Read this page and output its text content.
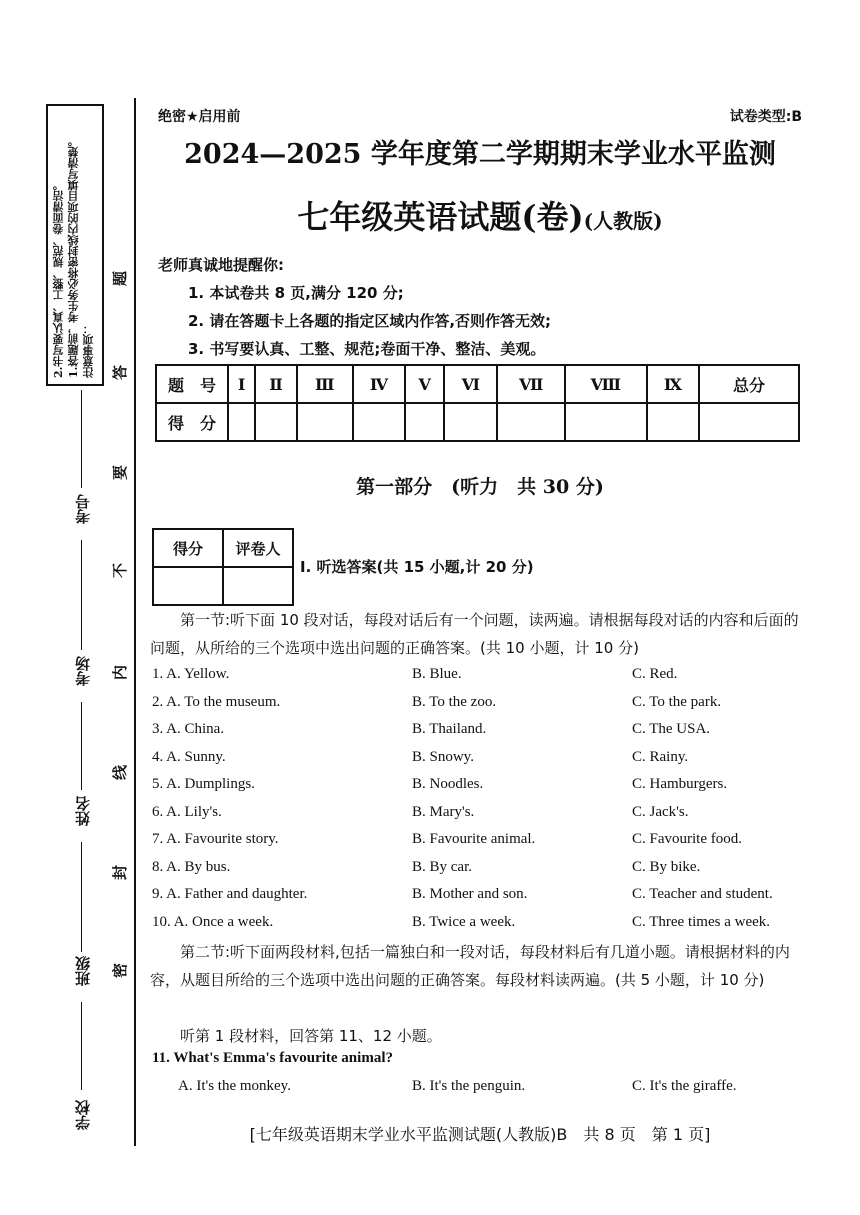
注意事项：
1.答题前，考生务必将密封线内的项目填写清楚。
2.书写要认真、工整、规范、卷面清洁。
考号
考场
姓名
班级
学校
题
答
要
不
内
线
封
密
绝密★启用前	试卷类型:B
2024—2025 学年度第二学期期末学业水平监测
七年级英语试题(卷)(人教版)
老师真诚地提醒你:
1. 本试卷共 8 页,满分 120 分;
2. 请在答题卡上各题的指定区域内作答,否则作答无效;
3. 书写要认真、工整、规范;卷面干净、整洁、美观。
题　号	Ⅰ	Ⅱ	Ⅲ	Ⅳ	Ⅴ	Ⅵ	Ⅶ	Ⅷ	Ⅸ	总分
得　分										
第一部分　(听力　共 30 分)
得分	评卷人

Ⅰ. 听选答案(共 15 小题,计 20 分)
第一节:听下面 10 段对话，每段对话后有一个问题，读两遍。请根据每段对话的内容和后面的问题，从所给的三个选项中选出问题的正确答案。(共 10 小题，计 10 分)
1. A. Yellow.	B. Blue.	C. Red.
2. A. To the museum.	B. To the zoo.	C. To the park.
3. A. China.	B. Thailand.	C. The USA.
4. A. Sunny.	B. Snowy.	C. Rainy.
5. A. Dumplings.	B. Noodles.	C. Hamburgers.
6. A. Lily's.	B. Mary's.	C. Jack's.
7. A. Favourite story.	B. Favourite animal.	C. Favourite food.
8. A. By bus.	B. By car.	C. By bike.
9. A. Father and daughter.	B. Mother and son.	C. Teacher and student.
10. A. Once a week.	B. Twice a week.	C. Three times a week.
第二节:听下面两段材料,包括一篇独白和一段对话，每段材料后有几道小题。请根据材料的内容，从题目所给的三个选项中选出问题的正确答案。每段材料读两遍。(共 5 小题，计 10 分)
听第 1 段材料，回答第 11、12 小题。
11. What's Emma's favourite animal?
A. It's the monkey.	B. It's the penguin.	C. It's the giraffe.
[七年级英语期末学业水平监测试题(人教版)B　共 8 页　第 1 页]
